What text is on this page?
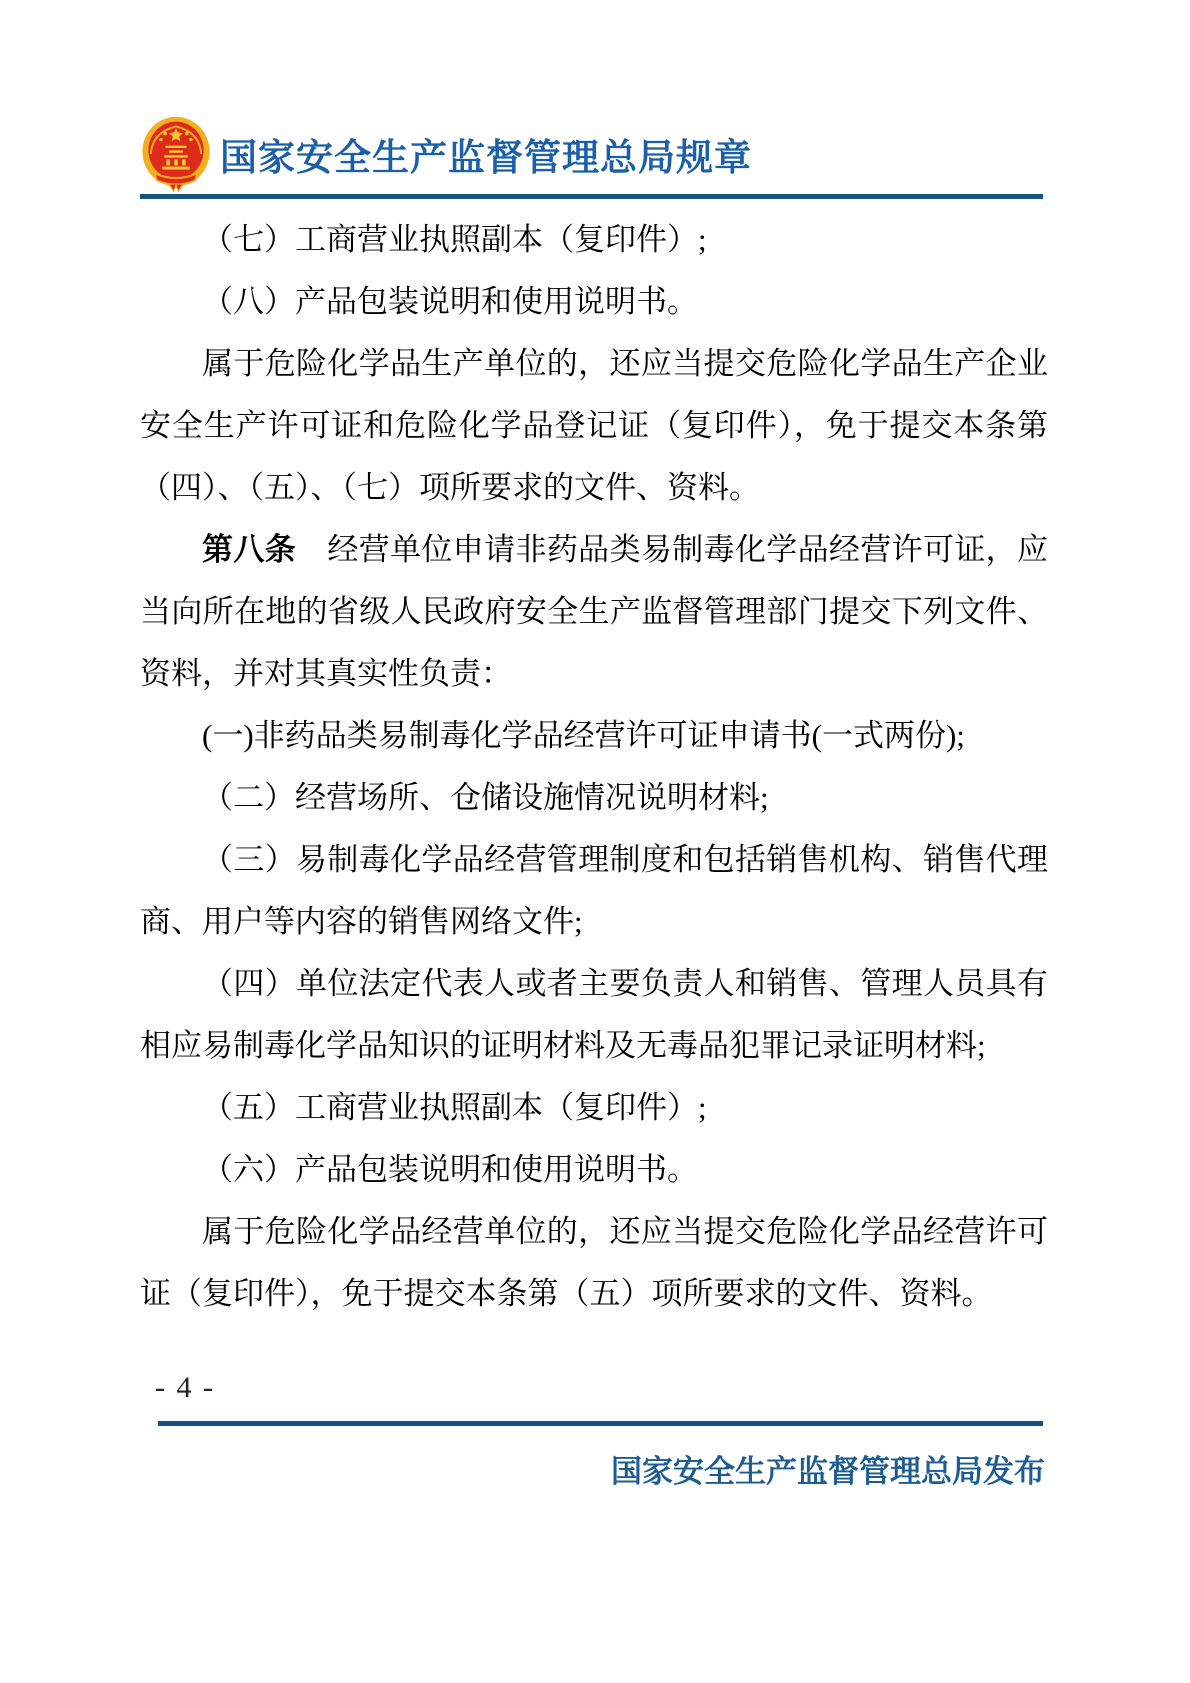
国家安全生产监督管理总局规章

（七）工商营业执照副本（复印件）;

（八）产品包装说明和使用说明书。

属于危险化学品生产单位的，还应当提交危险化学品生产企业安全生产许可证和危险化学品登记证（复印件），免于提交本条第（四）、（五）、（七）项所要求的文件、资料。

第八条　经营单位申请非药品类易制毒化学品经营许可证，应当向所在地的省级人民政府安全生产监督管理部门提交下列文件、资料，并对其真实性负责：

(一)非药品类易制毒化学品经营许可证申请书(一式两份);

（二）经营场所、仓储设施情况说明材料;

（三）易制毒化学品经营管理制度和包括销售机构、销售代理商、用户等内容的销售网络文件;

（四）单位法定代表人或者主要负责人和销售、管理人员具有相应易制毒化学品知识的证明材料及无毒品犯罪记录证明材料;

（五）工商营业执照副本（复印件）;

（六）产品包装说明和使用说明书。

属于危险化学品经营单位的，还应当提交危险化学品经营许可证（复印件），免于提交本条第（五）项所要求的文件、资料。

- 4 -
国家安全生产监督管理总局发布
